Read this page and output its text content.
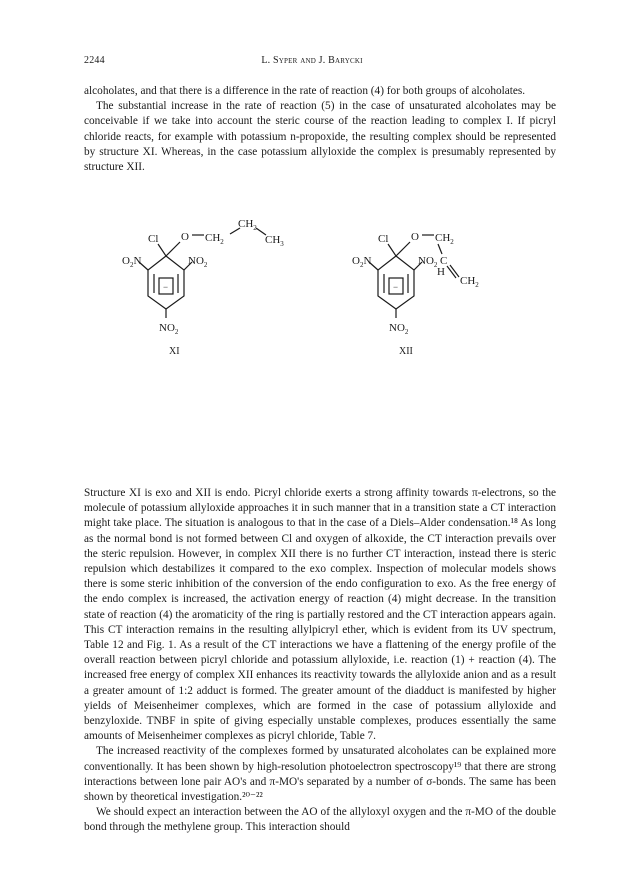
2244	L. Syper and J. Barycki

alcoholates, and that there is a difference in the rate of reaction (4) for both groups of alcoholates.

The substantial increase in the rate of reaction (5) in the case of unsaturated alcoholates may be conceivable if we take into account the steric course of the reaction leading to complex I. If picryl chloride reacts, for example with potassium n-propoxide, the resulting complex should be represented by structure XI. Whereas, in the case potassium allyloxide the complex is presumably represented by structure XII.

Cl O $CH_2$
$CH_2$
$CH_3$
$O_2N$	$NO_2$
$NO_2$
−
Cl O $CH_2$
C
H
$CH_2$
$O_2N$	$NO_2$
$NO_2$
−
XI	XII

Structure XI is exo and XII is endo. Picryl chloride exerts a strong affinity towards π-electrons, so the molecule of potassium allyloxide approaches it in such manner that in a transition state a CT interaction might take place. The situation is analogous to that in the case of a Diels–Alder condensation.¹⁸ As long as the normal bond is not formed between Cl and oxygen of alkoxide, the CT interaction prevails over the steric repulsion. However, in complex XII there is no further CT interaction, instead there is steric repulsion which destabilizes it compared to the exo complex. Inspection of molecular models shows there is some steric inhibition of the conversion of the endo configuration to exo. As the free energy of the endo complex is increased, the activation energy of reaction (4) might decrease. In the transition state of reaction (4) the aromaticity of the ring is partially restored and the CT interaction appears again. This CT interaction remains in the resulting allylpicryl ether, which is evident from its UV spectrum, Table 12 and Fig. 1. As a result of the CT interactions we have a flattening of the energy profile of the overall reaction between picryl chloride and potassium allyloxide, i.e. reaction (1) + reaction (4). The increased free energy of complex XII enhances its reactivity towards the allyloxide anion and as a result a greater amount of 1:2 adduct is formed. The greater amount of the diadduct is manifested by higher yields of Meisenheimer complexes, which are formed in the case of potassium allyloxide and benzyloxide. TNBF in spite of giving especially unstable complexes, produces essentially the same amounts of Meisenheimer complexes as picryl chloride, Table 7.

The increased reactivity of the complexes formed by unsaturated alcoholates can be explained more conventionally. It has been shown by high-resolution photoelectron spectroscopy¹⁹ that there are strong interactions between lone pair AO's and π-MO's separated by a number of σ-bonds. The same has been shown by theoretical investigation.²⁰⁻²²

We should expect an interaction between the AO of the allyloxyl oxygen and the π-MO of the double bond through the methylene group. This interaction should
